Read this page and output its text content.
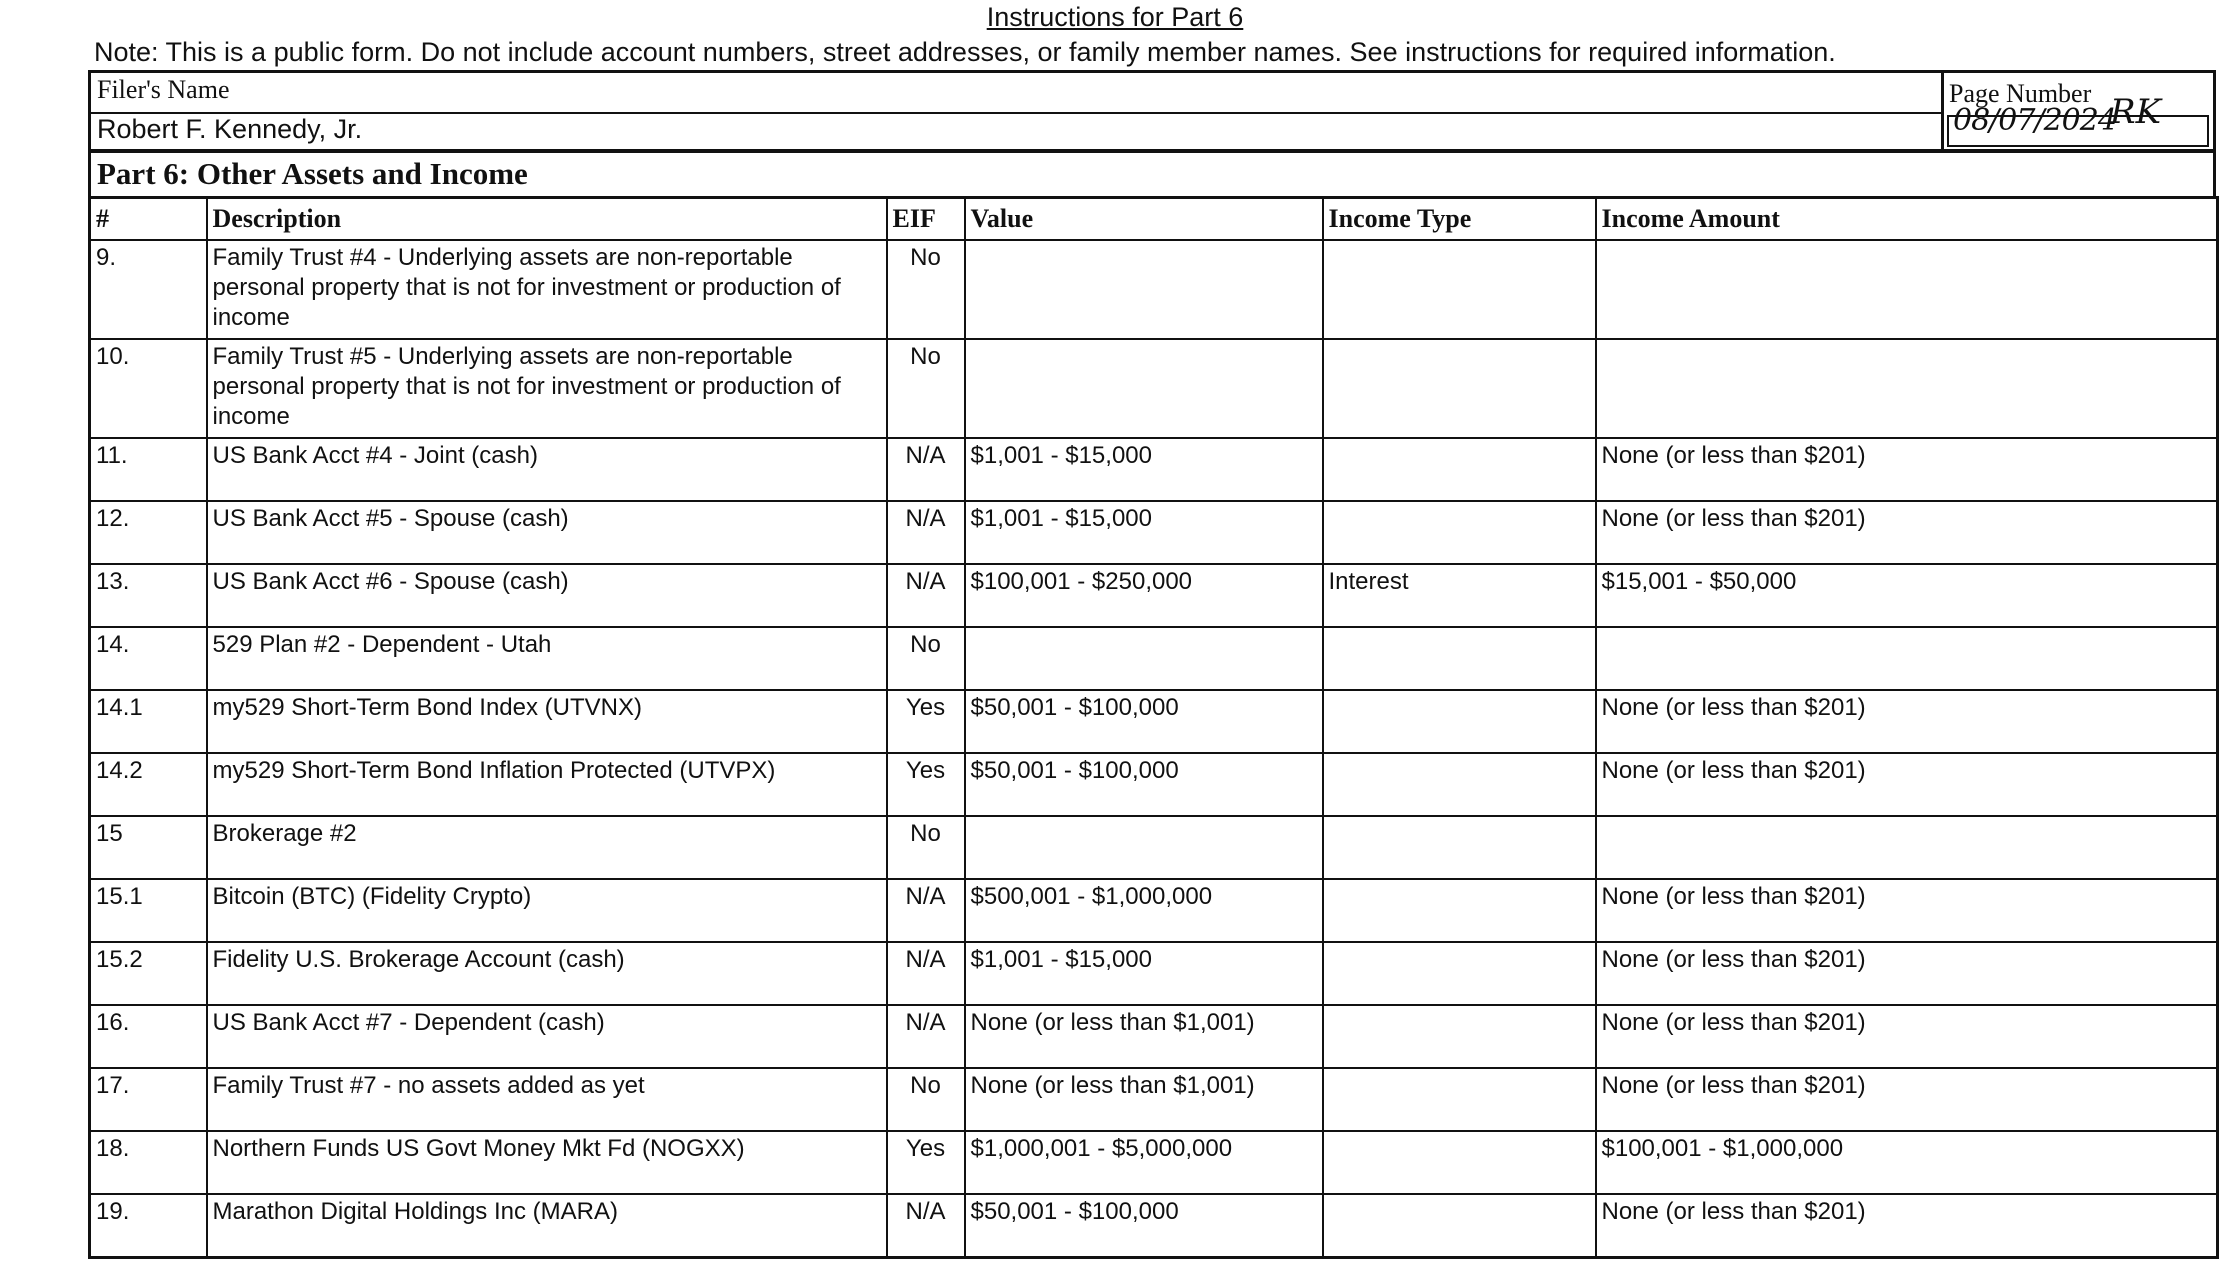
Instructions for Part 6
Note: This is a public form. Do not include account numbers, street addresses, or family member names. See instructions for required information.
Filer's Name
Robert F. Kennedy, Jr.
Page Number
08/07/2024
RK
Part 6: Other Assets and Income
#	Description	EIF	Value	Income Type	Income Amount
9.	Family Trust #4 - Underlying assets are non-reportable personal property that is not for investment or production of income	No			
10.	Family Trust #5 - Underlying assets are non-reportable personal property that is not for investment or production of income	No			
11.	US Bank Acct #4 - Joint (cash)	N/A	$1,001 - $15,000		None (or less than $201)
12.	US Bank Acct #5 - Spouse (cash)	N/A	$1,001 - $15,000		None (or less than $201)
13.	US Bank Acct #6 - Spouse (cash)	N/A	$100,001 - $250,000	Interest	$15,001 - $50,000
14.	529 Plan #2 - Dependent - Utah	No			
14.1	my529 Short-Term Bond Index (UTVNX)	Yes	$50,001 - $100,000		None (or less than $201)
14.2	my529 Short-Term Bond Inflation Protected (UTVPX)	Yes	$50,001 - $100,000		None (or less than $201)
15	Brokerage #2	No			
15.1	Bitcoin (BTC) (Fidelity Crypto)	N/A	$500,001 - $1,000,000		None (or less than $201)
15.2	Fidelity U.S. Brokerage Account (cash)	N/A	$1,001 - $15,000		None (or less than $201)
16.	US Bank Acct #7 - Dependent (cash)	N/A	None (or less than $1,001)		None (or less than $201)
17.	Family Trust #7 - no assets added as yet	No	None (or less than $1,001)		None (or less than $201)
18.	Northern Funds US Govt Money Mkt Fd (NOGXX)	Yes	$1,000,001 - $5,000,000		$100,001 - $1,000,000
19.	Marathon Digital Holdings Inc (MARA)	N/A	$50,001 - $100,000		None (or less than $201)
